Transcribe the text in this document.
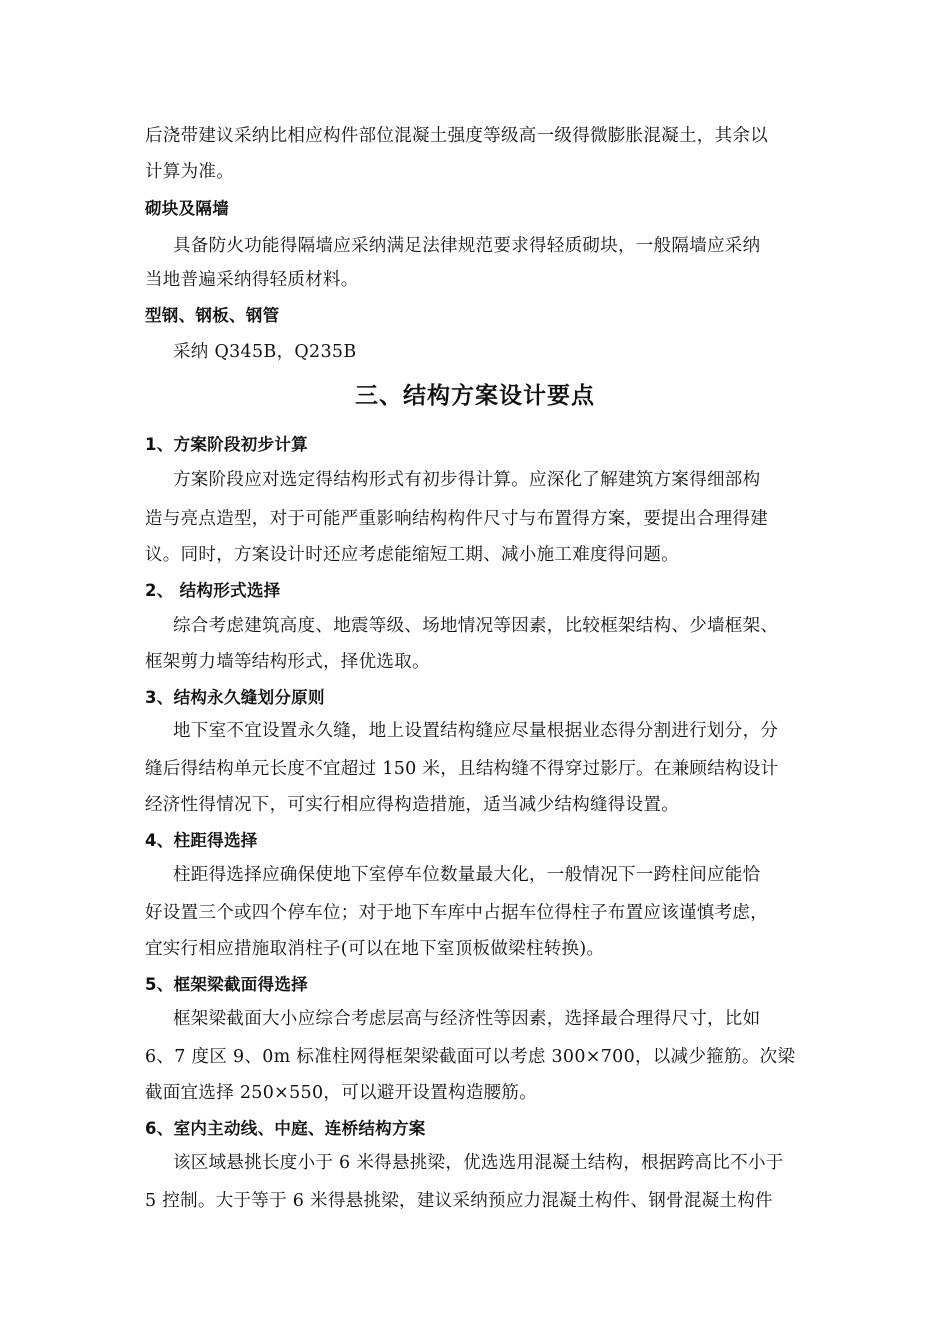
后浇带建议采纳比相应构件部位混凝土强度等级高一级得微膨胀混凝土，其余以
计算为准。
砌块及隔墙
具备防火功能得隔墙应采纳满足法律规范要求得轻质砌块，一般隔墙应采纳
当地普遍采纳得轻质材料。
型钢、钢板、钢管
采纳 Q345B，Q235B
三、结构方案设计要点
1、方案阶段初步计算
方案阶段应对选定得结构形式有初步得计算。应深化了解建筑方案得细部构
造与亮点造型，对于可能严重影响结构构件尺寸与布置得方案，要提出合理得建
议。同时，方案设计时还应考虑能缩短工期、减小施工难度得问题。
2、 结构形式选择
综合考虑建筑高度、地震等级、场地情况等因素，比较框架结构、少墙框架、
框架剪力墙等结构形式，择优选取。
3、结构永久缝划分原则
地下室不宜设置永久缝，地上设置结构缝应尽量根据业态得分割进行划分，分
缝后得结构单元长度不宜超过 150 米，且结构缝不得穿过影厅。在兼顾结构设计
经济性得情况下，可实行相应得构造措施，适当减少结构缝得设置。
4、柱距得选择
柱距得选择应确保使地下室停车位数量最大化，一般情况下一跨柱间应能恰
好设置三个或四个停车位；对于地下车库中占据车位得柱子布置应该谨慎考虑，
宜实行相应措施取消柱子(可以在地下室顶板做梁柱转换)。
5、框架梁截面得选择
框架梁截面大小应综合考虑层高与经济性等因素，选择最合理得尺寸，比如
6、7 度区 9、0m 标准柱网得框架梁截面可以考虑 300×700，以减少箍筋。次梁
截面宜选择 250×550，可以避开设置构造腰筋。
6、室内主动线、中庭、连桥结构方案
该区域悬挑长度小于 6 米得悬挑梁，优选选用混凝土结构，根据跨高比不小于
5 控制。大于等于 6 米得悬挑梁，建议采纳预应力混凝土构件、钢骨混凝土构件
